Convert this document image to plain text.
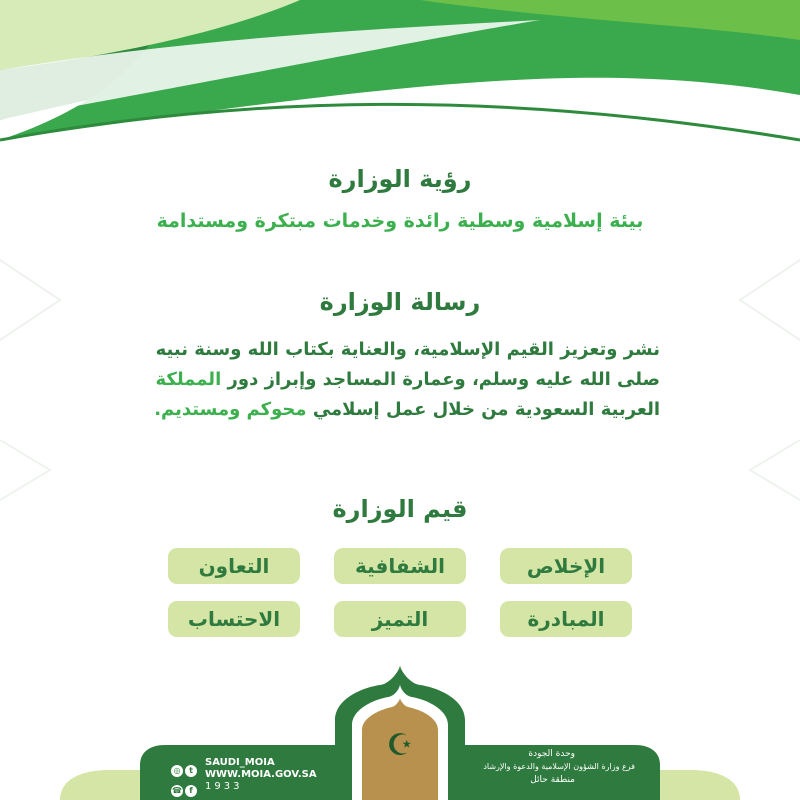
رؤية الوزارة
بيئة إسلامية وسطية رائدة وخدمات مبتكرة ومستدامة
رسالة الوزارة
نشر وتعزيز القيم الإسلامية، والعناية بكتاب الله وسنة نبيه
صلى الله عليه وسلم، وعمارة المساجد وإبراز دور المملكة
العربية السعودية من خلال عمل إسلامي محوكم ومستديم.
قيم الوزارة
الإخلاص
الشفافية
التعاون
المبادرة
التميز
الاحتساب
☪
◎ t☎ f
SAUDI_MOIA
WWW.MOIA.GOV.SA
1933
وحدة الجودة
فرع وزارة الشؤون الإسلامية والدعوة والإرشاد
منطقة حائل
